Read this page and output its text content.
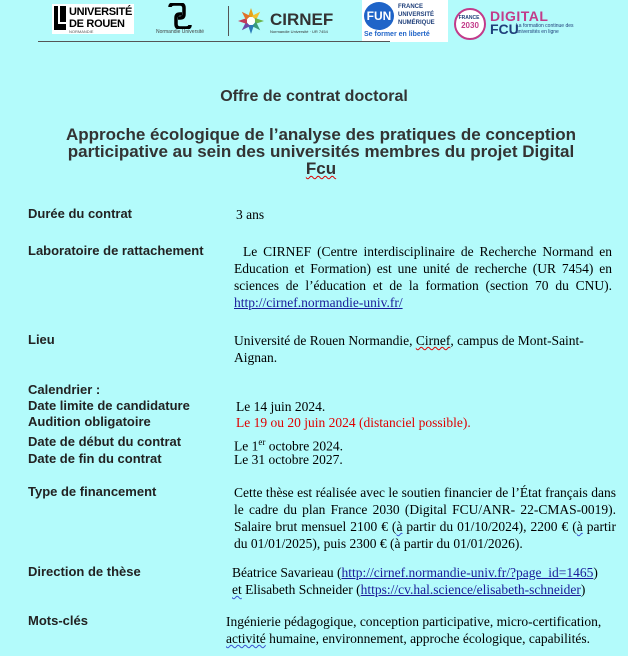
UNIVERSITÉ
DE ROUEN
NORMANDIE	Normandie Université
CIRNEF
Normandie Université · UR 7454
FUN
FRANCE
UNIVERSITÉ
NUMÉRIQUE
Se former en liberté
FRANCE
2030
DIGITAL
FCU
La formation continue des universités en ligne
Offre de contrat doctoral
Approche écologique de l’analyse des pratiques de conception participative au sein des universités membres du projet Digital
Fcu
Durée du contrat	3 ans
Laboratoire de rattachement	Le CIRNEF (Centre interdisciplinaire de Recherche Normand en Education et Formation) est une unité de recherche (UR 7454) en sciences de l’éducation et de la formation (section 70 du CNU). http://cirnef.normandie-univ.fr/
Lieu	Université de Rouen Normandie, Cirnef, campus de Mont-Saint-Aignan.
Calendrier :
Date limite de candidature	Le 14 juin 2024.
Audition obligatoire	Le 19 ou 20 juin 2024 (distanciel possible).
Date de début du contrat	Le 1er octobre 2024.
Date de fin du contrat	Le 31 octobre 2027.
Type de financement	Cette thèse est réalisée avec le soutien financier de l’État français dans le cadre du plan France 2030 (Digital FCU/ANR- 22-CMAS-0019). Salaire brut mensuel 2100 € (à partir du 01/10/2024), 2200 € (à partir du 01/01/2025), puis 2300 € (à partir du 01/01/2026).
Direction de thèse	Béatrice Savarieau (http://cirnef.normandie-univ.fr/?page_id=1465)
et Elisabeth Schneider (https://cv.hal.science/elisabeth-schneider)
Mots-clés	Ingénierie pédagogique, conception participative, micro-certification, activité humaine, environnement, approche écologique, capabilités.
